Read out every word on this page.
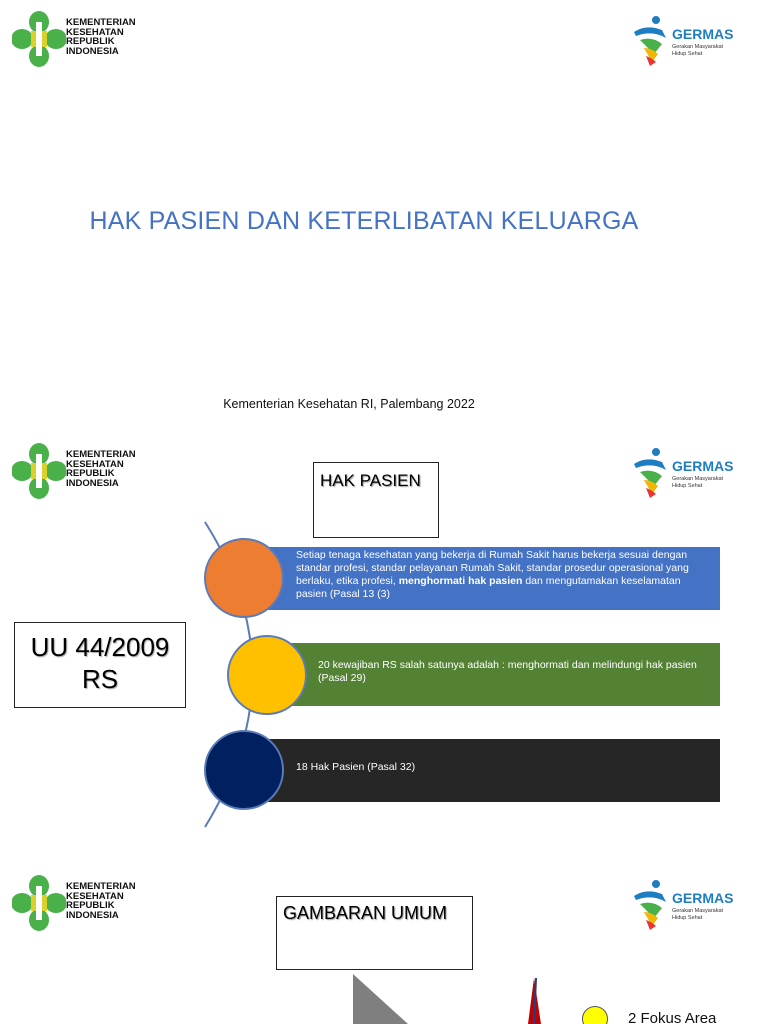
KEMENTERIAN
KESEHATAN
REPUBLIK
INDONESIA
GERMAS
Gerakan Masyarakat
Hidup Sehat
HAK PASIEN DAN KETERLIBATAN KELUARGA
Kementerian Kesehatan RI, Palembang 2022
KEMENTERIAN
KESEHATAN
REPUBLIK
INDONESIA
GERMAS
Gerakan Masyarakat
Hidup Sehat
HAK PASIEN
UU 44/2009
RS
Setiap tenaga kesehatan yang bekerja di Rumah Sakit harus bekerja sesuai dengan standar profesi, standar pelayanan Rumah Sakit, standar prosedur operasional yang berlaku, etika profesi, menghormati hak pasien dan mengutamakan keselamatan pasien (Pasal 13 (3)
20 kewajiban RS salah satunya adalah : menghormati dan melindungi hak pasien (Pasal 29)
18 Hak Pasien (Pasal 32)
KEMENTERIAN
KESEHATAN
REPUBLIK
INDONESIA
GERMAS
Gerakan Masyarakat
Hidup Sehat
GAMBARAN UMUM
2 Fokus Area
